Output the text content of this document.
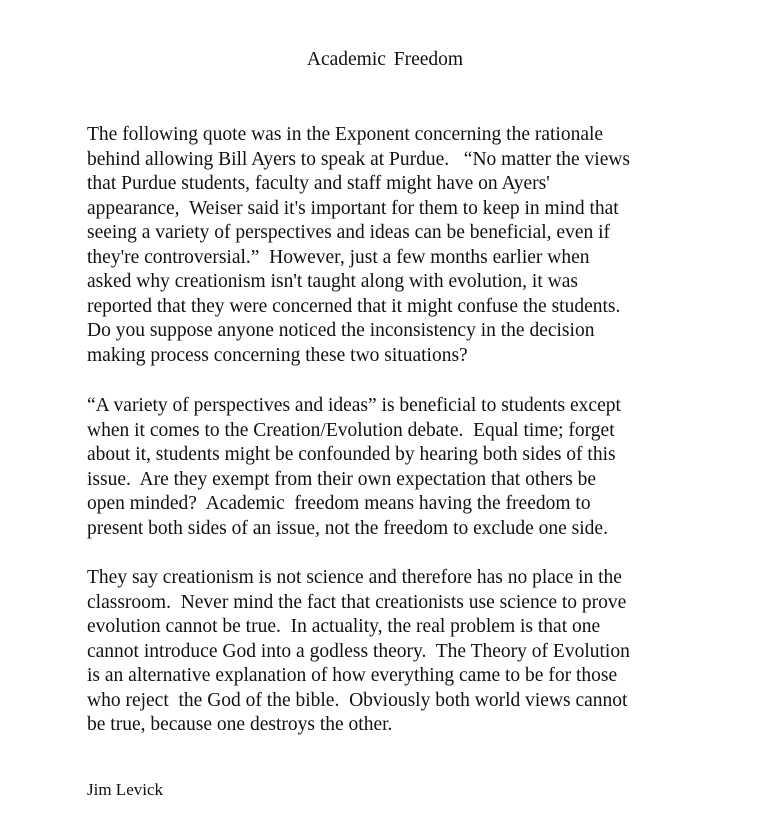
Academic Freedom
The following quote was in the Exponent concerning the rationale
behind allowing Bill Ayers to speak at Purdue.   “No matter the views
that Purdue students, faculty and staff might have on Ayers'
appearance,  Weiser said it's important for them to keep in mind that
seeing a variety of perspectives and ideas can be beneficial, even if
they're controversial.”  However, just a few months earlier when
asked why creationism isn't taught along with evolution, it was
reported that they were concerned that it might confuse the students.
Do you suppose anyone noticed the inconsistency in the decision
making process concerning these two situations?
“A variety of perspectives and ideas” is beneficial to students except
when it comes to the Creation/Evolution debate.  Equal time; forget
about it, students might be confounded by hearing both sides of this
issue.  Are they exempt from their own expectation that others be
open minded?  Academic  freedom means having the freedom to
present both sides of an issue, not the freedom to exclude one side.
They say creationism is not science and therefore has no place in the
classroom.  Never mind the fact that creationists use science to prove
evolution cannot be true.  In actuality, the real problem is that one
cannot introduce God into a godless theory.  The Theory of Evolution
is an alternative explanation of how everything came to be for those
who reject  the God of the bible.  Obviously both world views cannot
be true, because one destroys the other.
Jim Levick
